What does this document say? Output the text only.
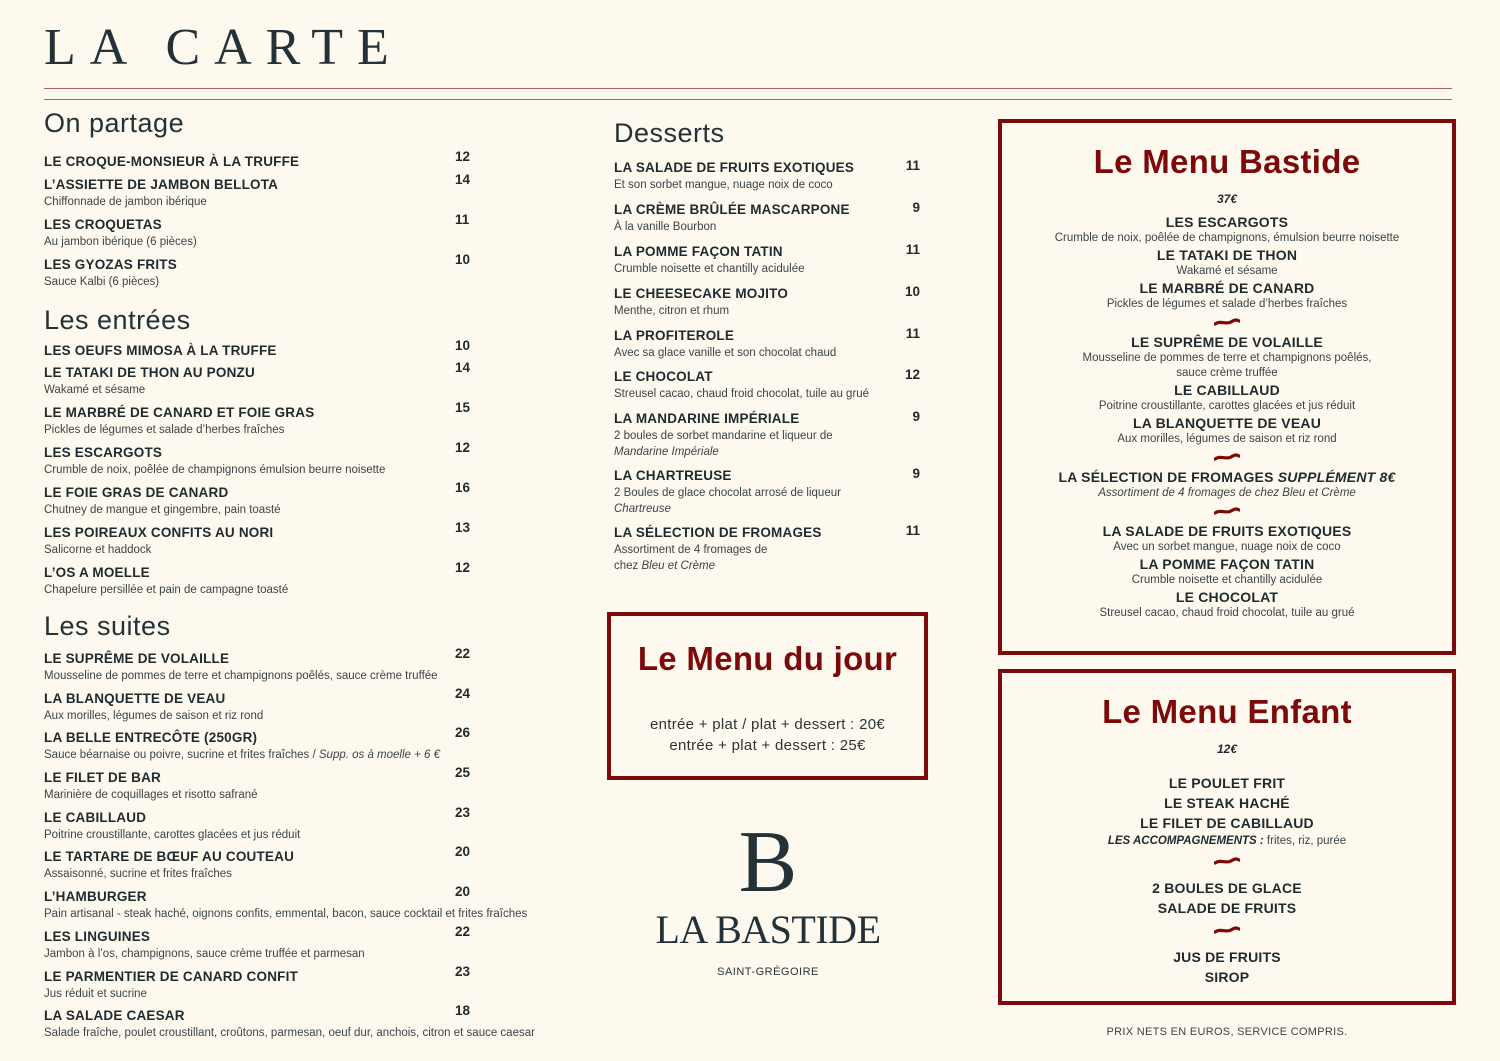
LA CARTE
On partage
LE CROQUE-MONSIEUR À LA TRUFFE	12
L’ASSIETTE DE JAMBON BELLOTA
Chiffonnade de jambon ibérique
14
LES CROQUETAS
Au jambon ibérique (6 pièces)
11
LES GYOZAS FRITS
Sauce Kalbi (6 pièces)
10
Les entrées
LES OEUFS MIMOSA À LA TRUFFE	10
LE TATAKI DE THON AU PONZU
Wakamé et sésame
14
LE MARBRÉ DE CANARD ET FOIE GRAS
Pickles de légumes et salade d’herbes fraîches
15
LES ESCARGOTS
Crumble de noix, poêlée de champignons émulsion beurre noisette
12
LE FOIE GRAS DE CANARD
Chutney de mangue et gingembre, pain toasté
16
LES POIREAUX CONFITS AU NORI
Salicorne et haddock
13
L’OS A MOELLE
Chapelure persillée et pain de campagne toasté
12
Les suites
LE SUPRÊME DE VOLAILLE
Mousseline de pommes de terre et champignons poêlés, sauce crème truffée
22
LA BLANQUETTE DE VEAU
Aux morilles, légumes de saison et riz rond
24
LA BELLE ENTRECÔTE (250GR)
Sauce béarnaise ou poivre, sucrine et frites fraîches / Supp. os à moelle + 6 €
26
LE FILET DE BAR
Marinière de coquillages et risotto safrané
25
LE CABILLAUD
Poitrine croustillante, carottes glacées et jus réduit
23
LE TARTARE DE BŒUF AU COUTEAU
Assaisonné, sucrine et frites fraîches
20
L’HAMBURGER
Pain artisanal - steak haché, oignons confits, emmental, bacon, sauce cocktail et frites fraîches
20
LES LINGUINES
Jambon à l’os, champignons, sauce crème truffée et parmesan
22
LE PARMENTIER DE CANARD CONFIT
Jus réduit et sucrine
23
LA SALADE CAESAR
Salade fraîche, poulet croustillant, croûtons, parmesan, oeuf dur, anchois, citron et sauce caesar
18
Desserts
LA SALADE DE FRUITS EXOTIQUES
Et son sorbet mangue, nuage noix de coco
11
LA CRÈME BRÛLÉE MASCARPONE
À la vanille Bourbon
9
LA POMME FAÇON TATIN
Crumble noisette et chantilly acidulée
11
LE CHEESECAKE MOJITO
Menthe, citron et rhum
10
LA PROFITEROLE
Avec sa glace vanille et son chocolat chaud
11
LE CHOCOLAT
Streusel cacao, chaud froid chocolat, tuile au grué
12
LA MANDARINE IMPÉRIALE
2 boules de sorbet mandarine et liqueur de
Mandarine Impériale
9
LA CHARTREUSE
2 Boules de glace chocolat arrosé de liqueur
Chartreuse
9
LA SÉLECTION DE FROMAGES
Assortiment de 4 fromages de
chez Bleu et Crème
11
Le Menu du jour

entrée + plat / plat + dessert : 20€
entrée + plat + dessert : 25€
B
LA BASTIDE
SAINT-GRÉGOIRE
Le Menu Bastide
37€
LES ESCARGOTS
Crumble de noix, poêlée de champignons, émulsion beurre noisette
LE TATAKI DE THON
Wakamé et sésame
LE MARBRÉ DE CANARD
Pickles de légumes et salade d’herbes fraîches
LE SUPRÊME DE VOLAILLE
Mousseline de pommes de terre et champignons poêlés,
sauce crème truffée
LE CABILLAUD
Poitrine croustillante, carottes glacées et jus réduit
LA BLANQUETTE DE VEAU
Aux morilles, légumes de saison et riz rond
LA SÉLECTION DE FROMAGES SUPPLÉMENT 8€
Assortiment de 4 fromages de chez Bleu et Crème
LA SALADE DE FRUITS EXOTIQUES
Avec un sorbet mangue, nuage noix de coco
LA POMME FAÇON TATIN
Crumble noisette et chantilly acidulée
LE CHOCOLAT
Streusel cacao, chaud froid chocolat, tuile au grué
Le Menu Enfant
12€
LE POULET FRIT
LE STEAK HACHÉ
LE FILET DE CABILLAUD
LES ACCOMPAGNEMENTS : frites, riz, purée
2 BOULES DE GLACE
SALADE DE FRUITS
JUS DE FRUITS
SIROP
PRIX NETS EN EUROS, SERVICE COMPRIS.
